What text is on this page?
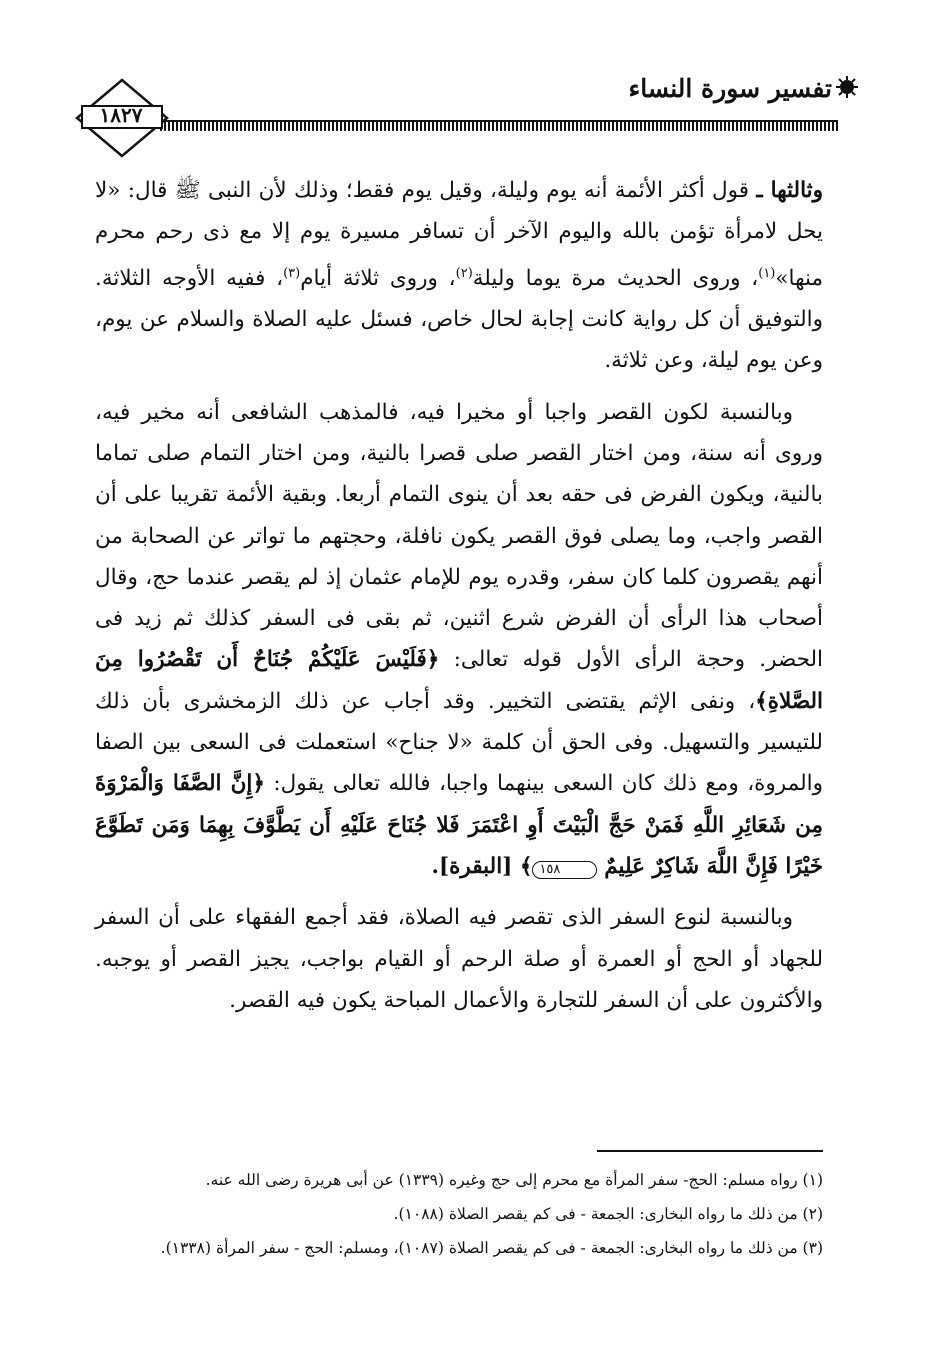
تفسير سورة النساء
١٨٢٧

وثالثها ـ قول أكثر الأئمة أنه يوم وليلة، وقيل يوم فقط؛ وذلك لأن النبى ﷺ قال: «لا يحل لامرأة تؤمن بالله واليوم الآخر أن تسافر مسيرة يوم إلا مع ذى رحم محرم منها»$^{(١)}$، وروى الحديث مرة يوما وليلة$^{(٢)}$، وروى ثلاثة أيام$^{(٣)}$، ففيه الأوجه الثلاثة. والتوفيق أن كل رواية كانت إجابة لحال خاص، فسئل عليه الصلاة والسلام عن يوم، وعن يوم ليلة، وعن ثلاثة.

وبالنسبة لكون القصر واجبا أو مخيرا فيه، فالمذهب الشافعى أنه مخير فيه، وروى أنه سنة، ومن اختار القصر صلى قصرا بالنية، ومن اختار التمام صلى تماما بالنية، ويكون الفرض فى حقه بعد أن ينوى التمام أربعا. وبقية الأئمة تقريبا على أن القصر واجب، وما يصلى فوق القصر يكون نافلة، وحجتهم ما تواتر عن الصحابة من أنهم يقصرون كلما كان سفر، وقدره يوم للإمام عثمان إذ لم يقصر عندما حج، وقال أصحاب هذا الرأى أن الفرض شرع اثنين، ثم بقى فى السفر كذلك ثم زيد فى الحضر. وحجة الرأى الأول قوله تعالى: ﴿فَلَيْسَ عَلَيْكُمْ جُنَاحٌ أَن تَقْصُرُوا مِنَ الصَّلاةِ﴾، ونفى الإثم يقتضى التخيير. وقد أجاب عن ذلك الزمخشرى بأن ذلك للتيسير والتسهيل. وفى الحق أن كلمة «لا جناح» استعملت فى السعى بين الصفا والمروة، ومع ذلك كان السعى بينهما واجبا، فالله تعالى يقول: ﴿إِنَّ الصَّفَا وَالْمَرْوَةَ مِن شَعَائِرِ اللَّهِ فَمَنْ حَجَّ الْبَيْتَ أَوِ اعْتَمَرَ فَلا جُنَاحَ عَلَيْهِ أَن يَطَّوَّفَ بِهِمَا وَمَن تَطَوَّعَ خَيْرًا فَإِنَّ اللَّهَ شَاكِرٌ عَلِيمٌ ١٥٨﴾ [البقرة].

وبالنسبة لنوع السفر الذى تقصر فيه الصلاة، فقد أجمع الفقهاء على أن السفر للجهاد أو الحج أو العمرة أو صلة الرحم أو القيام بواجب، يجيز القصر أو يوجبه. والأكثرون على أن السفر للتجارة والأعمال المباحة يكون فيه القصر.

(١) رواه مسلم: الحج- سفر المرأة مع محرم إلى حج وغيره (١٣٣٩) عن أبى هريرة رضى الله عنه.
(٢) من ذلك ما رواه البخارى: الجمعة - فى كم يقصر الصلاة (١٠٨٨).
(٣) من ذلك ما رواه البخارى: الجمعة - فى كم يقصر الصلاة (١٠٨٧)، ومسلم: الحج - سفر المرأة (١٣٣٨).
